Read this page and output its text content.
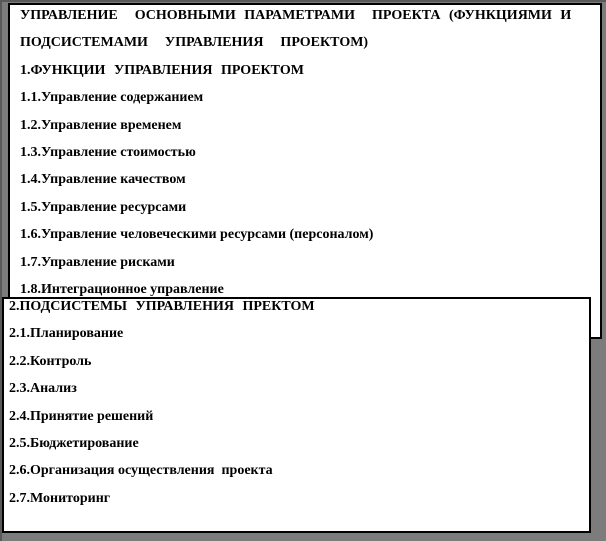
УПРАВЛЕНИЕ  ОСНОВНЫМИ ПАРАМЕТРАМИ  ПРОЕКТА (ФУНКЦИЯМИ И
ПОДСИСТЕМАМИ  УПРАВЛЕНИЯ  ПРОЕКТОМ)
1.ФУНКЦИИ УПРАВЛЕНИЯ ПРОЕКТОМ
1.1.Управление содержанием
1.2.Управление временем
1.3.Управление стоимостью
1.4.Управление качеством
1.5.Управление ресурсами
1.6.Управление человеческими ресурсами (персоналом)
1.7.Управление рисками
1.8.Интеграционное управление
2.ПОДСИСТЕМЫ УПРАВЛЕНИЯ ПРЕКТОМ
2.1.Планирование
2.2.Контроль
2.3.Анализ
2.4.Принятие решений
2.5.Бюджетирование
2.6.Организация осуществления  проекта
2.7.Мониторинг
